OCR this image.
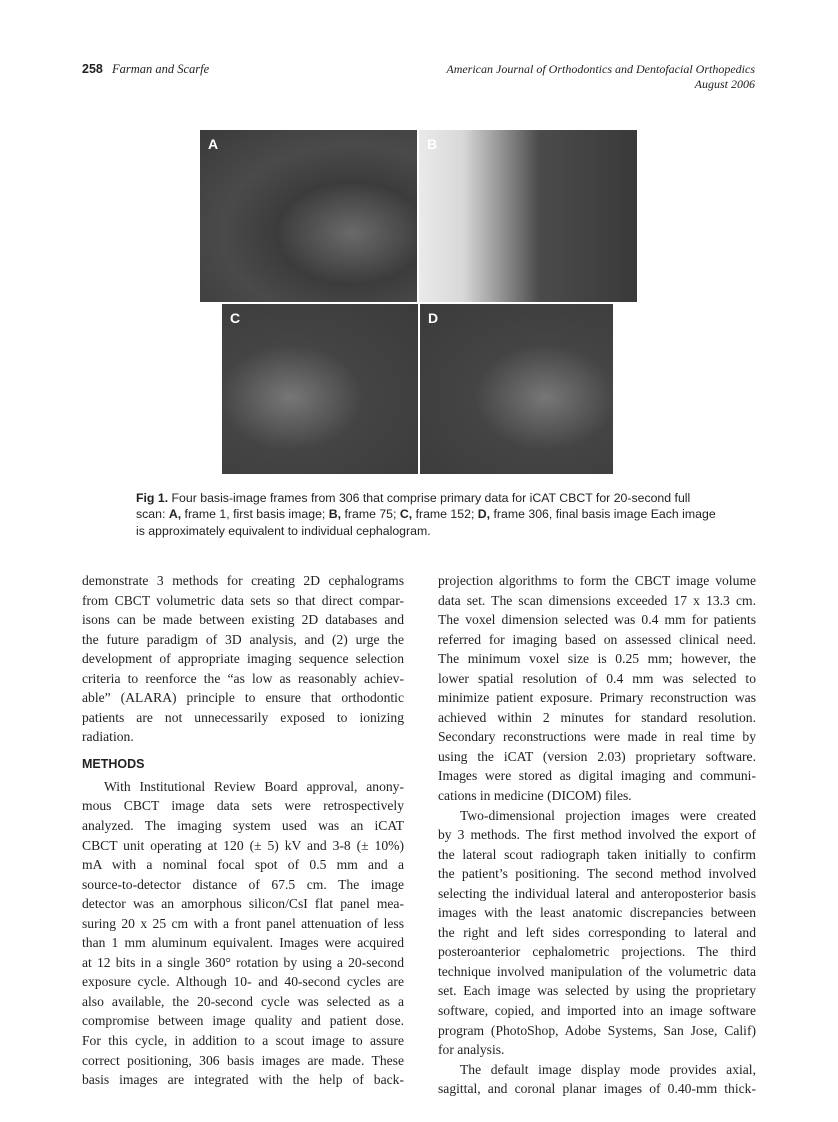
258 Farman and Scarfe	American Journal of Orthodontics and Dentofacial Orthopedics
August 2006
A	B
C	D
Fig 1. Four basis-image frames from 306 that comprise primary data for iCAT CBCT for 20-second full scan: A, frame 1, first basis image; B, frame 75; C, frame 152; D, frame 306, final basis image Each image is approximately equivalent to individual cephalogram.
demonstrate 3 methods for creating 2D cephalograms
from CBCT volumetric data sets so that direct compar-
isons can be made between existing 2D databases and
the future paradigm of 3D analysis, and (2) urge the
development of appropriate imaging sequence selection
criteria to reenforce the “as low as reasonably achiev-
able” (ALARA) principle to ensure that orthodontic
patients are not unnecessarily exposed to ionizing
radiation.
METHODS
With Institutional Review Board approval, anony-
mous CBCT image data sets were retrospectively
analyzed. The imaging system used was an iCAT
CBCT unit operating at 120 (± 5) kV and 3-8 (± 10%)
mA with a nominal focal spot of 0.5 mm and a
source-to-detector distance of 67.5 cm. The image
detector was an amorphous silicon/CsI flat panel mea-
suring 20 x 25 cm with a front panel attenuation of less
than 1 mm aluminum equivalent. Images were acquired
at 12 bits in a single 360° rotation by using a 20-second
exposure cycle. Although 10- and 40-second cycles are
also available, the 20-second cycle was selected as a
compromise between image quality and patient dose.
For this cycle, in addition to a scout image to assure
correct positioning, 306 basis images are made. These
basis images are integrated with the help of back-
projection algorithms to form the CBCT image volume
data set. The scan dimensions exceeded 17 x 13.3 cm.
The voxel dimension selected was 0.4 mm for patients
referred for imaging based on assessed clinical need.
The minimum voxel size is 0.25 mm; however, the
lower spatial resolution of 0.4 mm was selected to
minimize patient exposure. Primary reconstruction was
achieved within 2 minutes for standard resolution.
Secondary reconstructions were made in real time by
using the iCAT (version 2.03) proprietary software.
Images were stored as digital imaging and communi-
cations in medicine (DICOM) files.
Two-dimensional projection images were created
by 3 methods. The first method involved the export of
the lateral scout radiograph taken initially to confirm
the patient’s positioning. The second method involved
selecting the individual lateral and anteroposterior basis
images with the least anatomic discrepancies between
the right and left sides corresponding to lateral and
posteroanterior cephalometric projections. The third
technique involved manipulation of the volumetric data
set. Each image was selected by using the proprietary
software, copied, and imported into an image software
program (PhotoShop, Adobe Systems, San Jose, Calif)
for analysis.
The default image display mode provides axial,
sagittal, and coronal planar images of 0.40-mm thick-
